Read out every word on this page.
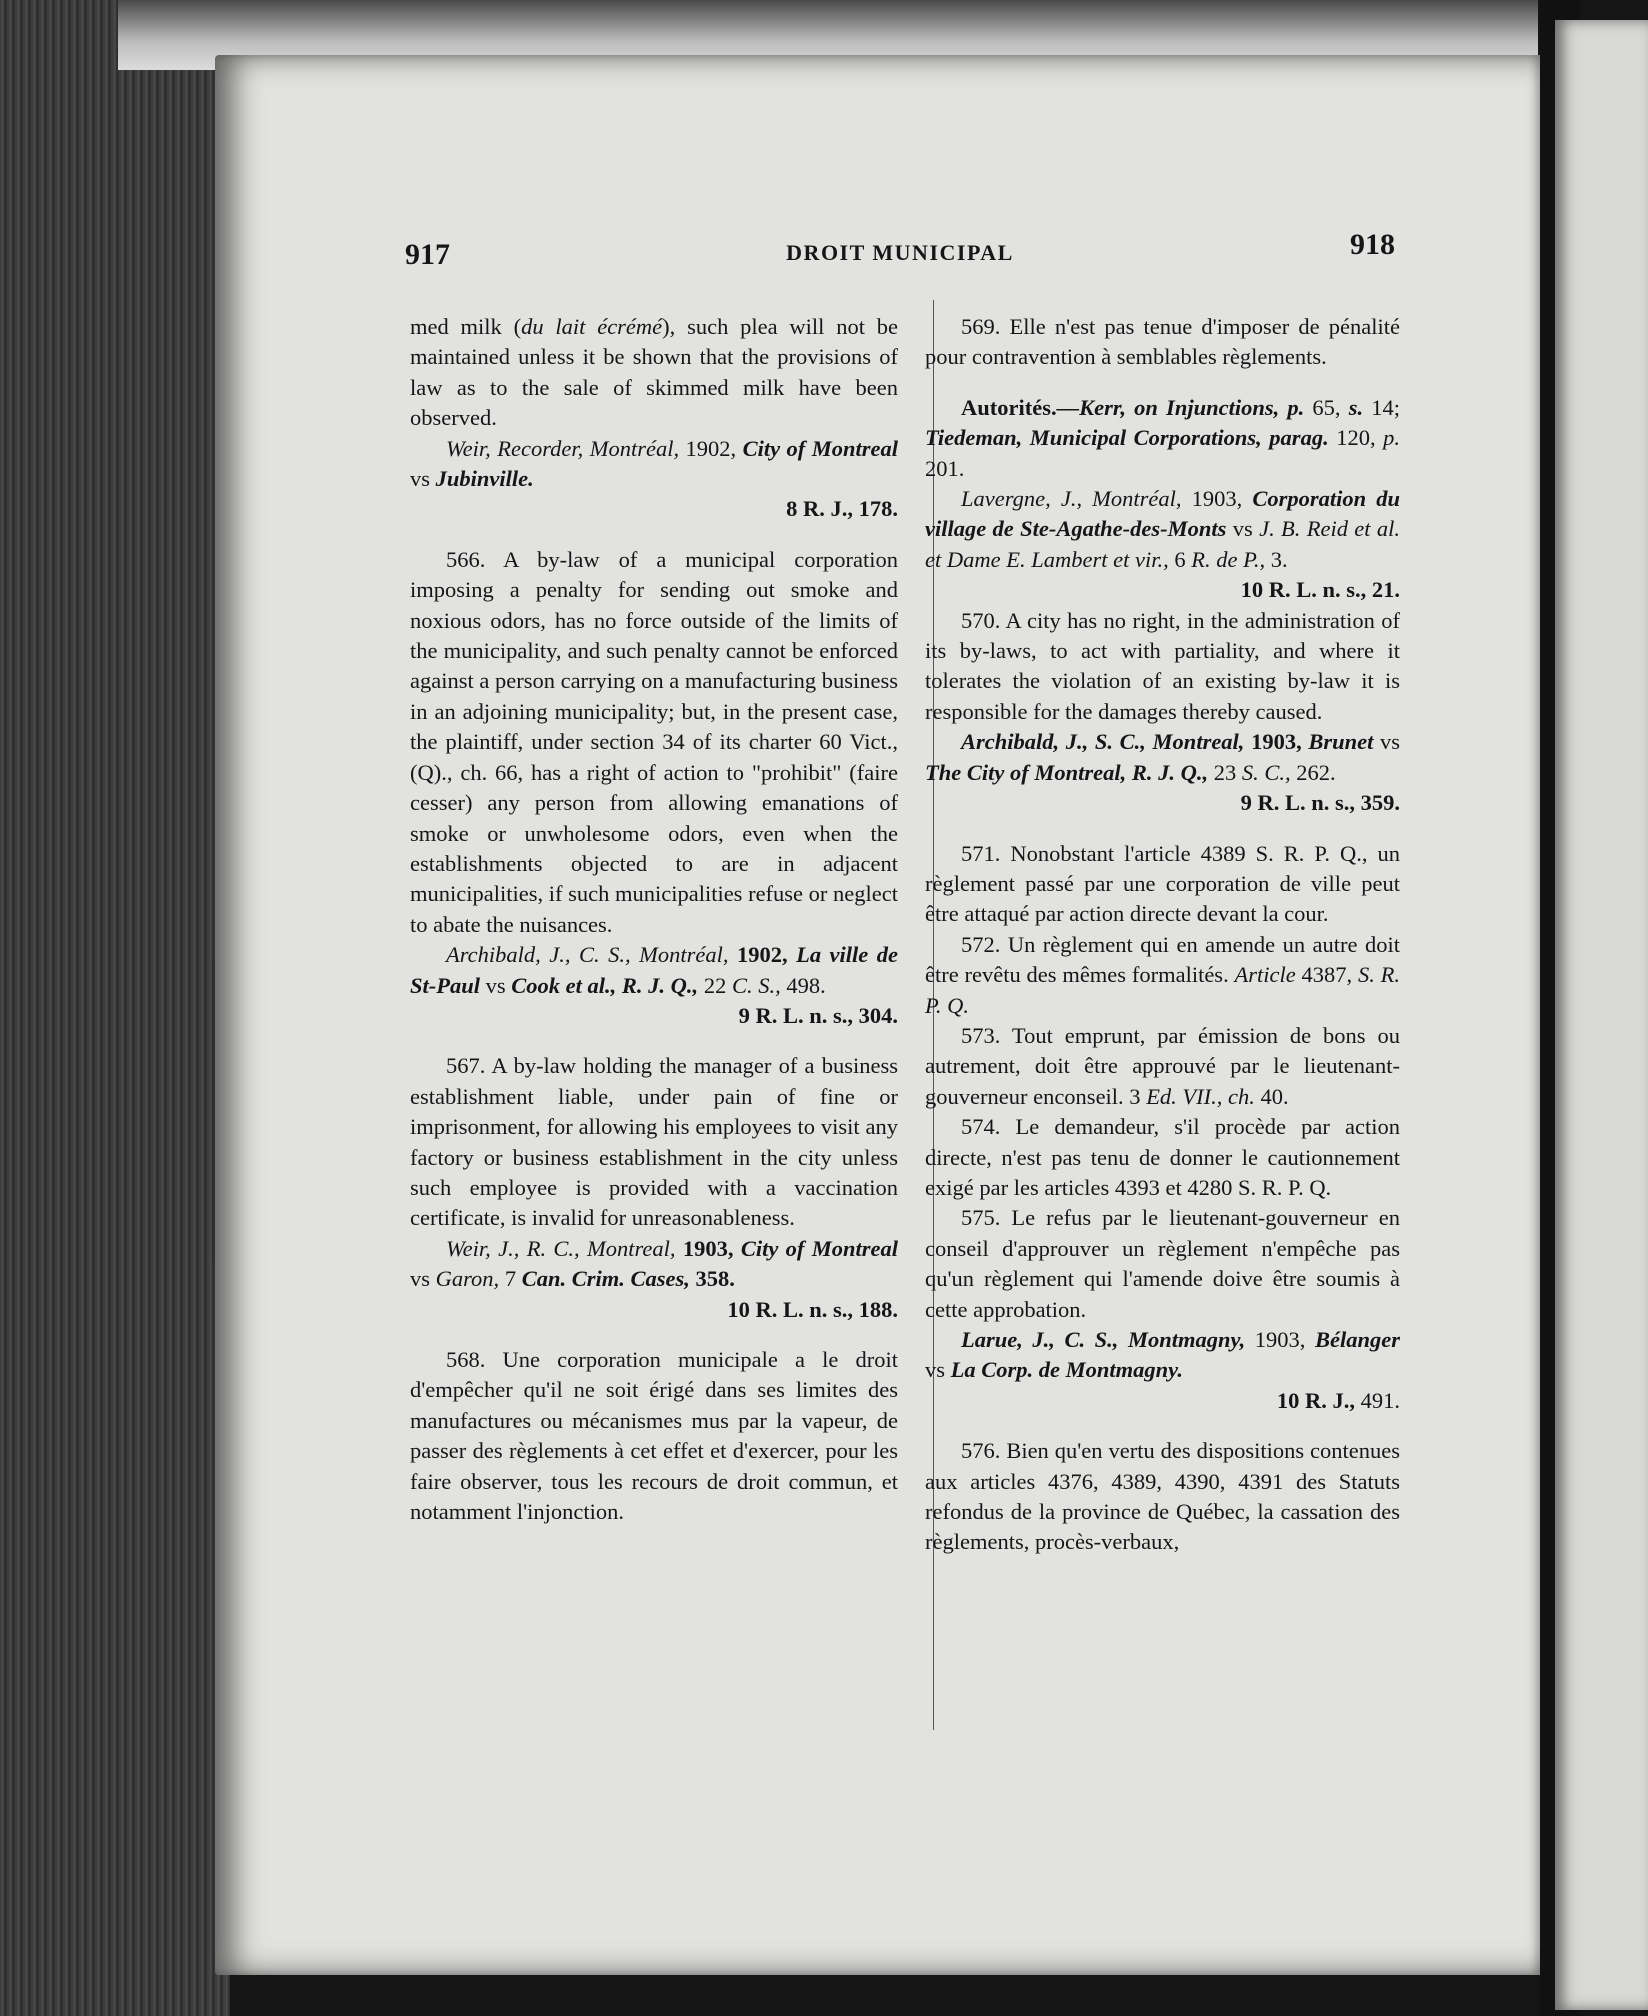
917	DROIT MUNICIPAL	918

med milk (du lait écrémé), such plea will not be maintained unless it be shown that the provisions of law as to the sale of skimmed milk have been observed.

Weir, Recorder, Montréal, 1902, City of Montreal vs Jubinville.

8 R. J., 178.

566. A by-law of a municipal corporation imposing a penalty for sending out smoke and noxious odors, has no force outside of the limits of the municipality, and such penalty cannot be enforced against a person carrying on a manufacturing business in an adjoining municipality; but, in the present case, the plaintiff, under section 34 of its charter 60 Vict., (Q)., ch. 66, has a right of action to "prohibit" (faire cesser) any person from allowing emanations of smoke or unwholesome odors, even when the establishments objected to are in adjacent municipalities, if such municipalities refuse or neglect to abate the nuisances.

Archibald, J., C. S., Montréal, 1902, La ville de St-Paul vs Cook et al., R. J. Q., 22 C. S., 498.

9 R. L. n. s., 304.

567. A by-law holding the manager of a business establishment liable, under pain of fine or imprisonment, for allowing his employees to visit any factory or business establishment in the city unless such employee is provided with a vaccination certificate, is invalid for unreasonableness.

Weir, J., R. C., Montreal, 1903, City of Montreal vs Garon, 7 Can. Crim. Cases, 358.

10 R. L. n. s., 188.

568. Une corporation municipale a le droit d'empêcher qu'il ne soit érigé dans ses limites des manufactures ou mécanismes mus par la vapeur, de passer des règlements à cet effet et d'exercer, pour les faire observer, tous les recours de droit commun, et notamment l'injonction.

569. Elle n'est pas tenue d'imposer de pénalité pour contravention à semblables règlements.

Autorités.—Kerr, on Injunctions, p. 65, s. 14; Tiedeman, Municipal Corporations, parag. 120, p. 201.

Lavergne, J., Montréal, 1903, Corporation du village de Ste-Agathe-des-Monts vs J. B. Reid et al. et Dame E. Lambert et vir., 6 R. de P., 3.

10 R. L. n. s., 21.

570. A city has no right, in the administration of its by-laws, to act with partiality, and where it tolerates the violation of an existing by-law it is responsible for the damages thereby caused.

Archibald, J., S. C., Montreal, 1903, Brunet vs The City of Montreal, R. J. Q., 23 S. C., 262.

9 R. L. n. s., 359.

571. Nonobstant l'article 4389 S. R. P. Q., un règlement passé par une corporation de ville peut être attaqué par action directe devant la cour.

572. Un règlement qui en amende un autre doit être revêtu des mêmes formalités. Article 4387, S. R. P. Q.

573. Tout emprunt, par émission de bons ou autrement, doit être approuvé par le lieutenant-gouverneur enconseil. 3 Ed. VII., ch. 40.

574. Le demandeur, s'il procède par action directe, n'est pas tenu de donner le cautionnement exigé par les articles 4393 et 4280 S. R. P. Q.

575. Le refus par le lieutenant-gouverneur en conseil d'approuver un règlement n'empêche pas qu'un règlement qui l'amende doive être soumis à cette approbation.

Larue, J., C. S., Montmagny, 1903, Bélanger vs La Corp. de Montmagny.

10 R. J., 491.

576. Bien qu'en vertu des dispositions contenues aux articles 4376, 4389, 4390, 4391 des Statuts refondus de la province de Québec, la cassation des règlements, procès-verbaux,
